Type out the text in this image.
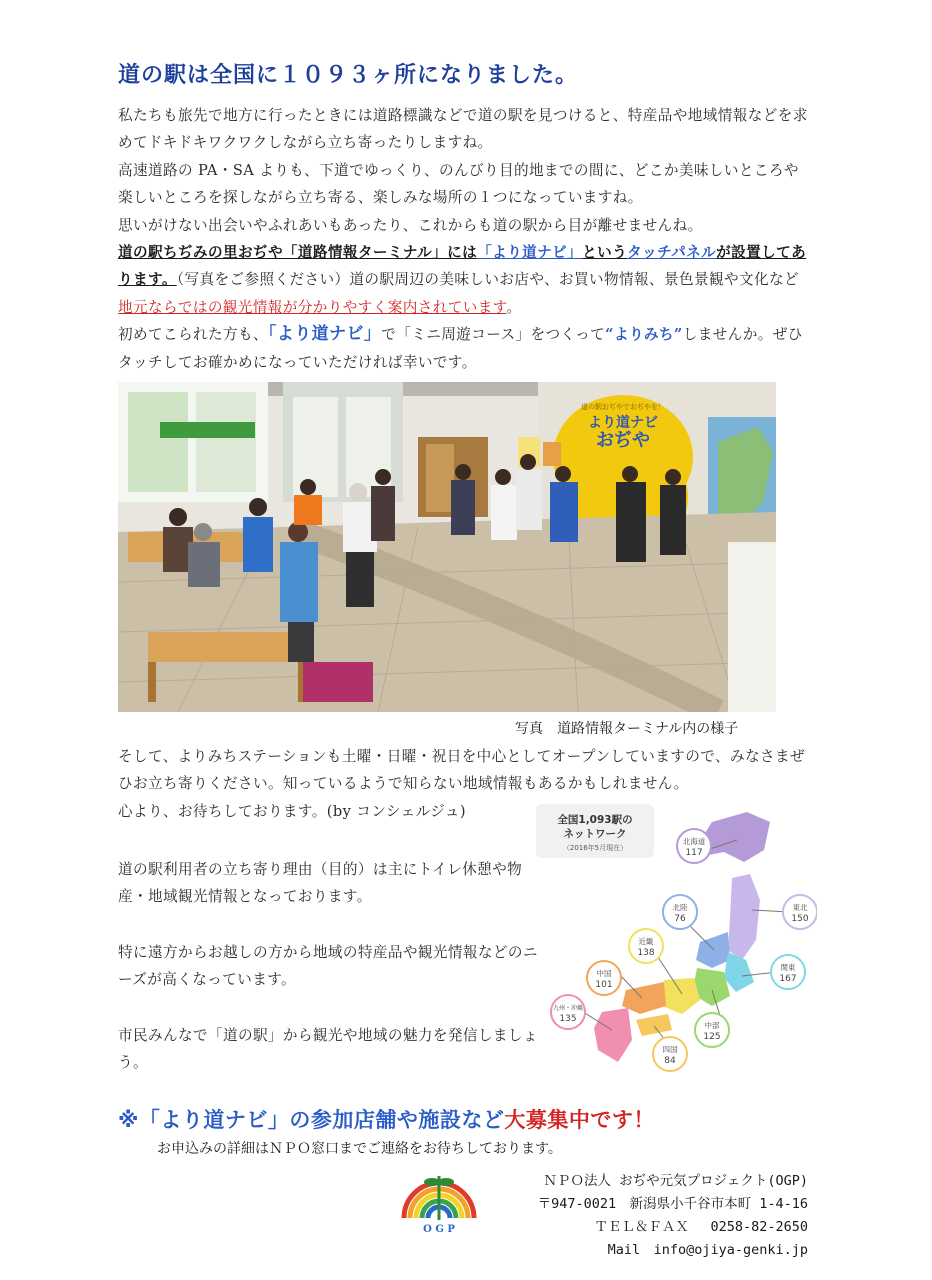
道の駅は全国に１０９３ヶ所になりました。

私たちも旅先で地方に行ったときには道路標識などで道の駅を見つけると、特産品や地域情報などを求めてドキドキワクワクしながら立ち寄ったりしますね。

高速道路の PA・SA よりも、下道でゆっくり、のんびり目的地までの間に、どこか美味しいところや楽しいところを探しながら立ち寄る、楽しみな場所の１つになっていますね。

思いがけない出会いやふれあいもあったり、これからも道の駅から目が離せませんね。

道の駅ちぢみの里おぢや「道路情報ターミナル」には「より道ナビ」というタッチパネルが設置してあります。（写真をご参照ください）道の駅周辺の美味しいお店や、お買い物情報、景色景観や文化など地元ならではの観光情報が分かりやすく案内されています。

初めてこられた方も、「より道ナビ」で「ミニ周遊コース」をつくって“よりみち”しませんか。ぜひタッチしてお確かめになっていただければ幸いです。

道の駅おぢやでおぢやを！
より道ナビ
おぢや
写真　道路情報ターミナル内の様子

そして、よりみちステーションも土曜・日曜・祝日を中心としてオープンしていますので、みなさまぜひお立ち寄りください。知っているようで知らない地域情報もあるかもしれません。

心より、お待ちしております。(by コンシェルジュ)

道の駅利用者の立ち寄り理由（目的）は主にトイレ休憩や物産・地域観光情報となっております。

特に遠方からお越しの方から地域の特産品や観光情報などのニーズが高くなっています。

市民みんなで「道の駅」から観光や地域の魅力を発信しましょう。

全国1,093駅の
ネットワーク
（2016年5月現在）
北海道
117
東北
150
北陸
76
関東
167
近畿
138
中部
125
中国
101
四国
84
九州・沖縄
135
※「より道ナビ」の参加店舗や施設など大募集中です！
お申込みの詳細はＮＰＯ窓口までご連絡をお待ちしております。
O G P
ＮＰＯ法人 おぢや元気プロジェクト(OGP)
〒947-0021　新潟県小千谷市本町 1-4-16
ＴＥＬ＆ＦＡＸ　 0258-82-2650
Mail　info@ojiya-genki.jp
